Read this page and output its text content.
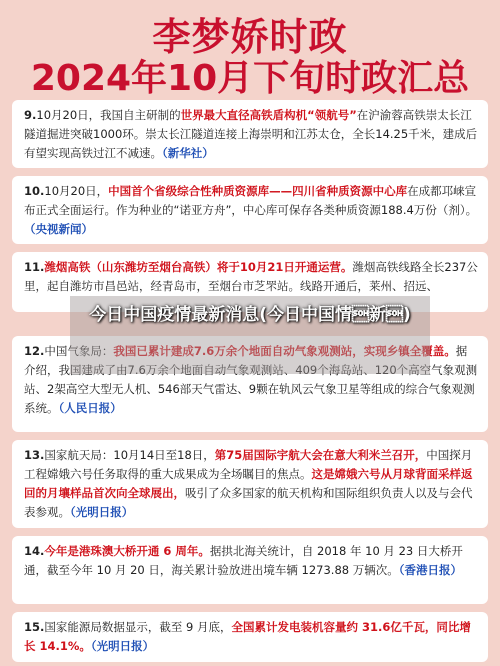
李梦娇时政
2024年10月下旬时政汇总
9.10月20日，我国自主研制的世界最大直径高铁盾构机“领航号”在沪渝蓉高铁崇太长江隧道掘进突破1000环。崇太长江隧道连接上海崇明和江苏太仓，全长14.25千米，建成后有望实现高铁过江不减速。（新华社）
10.10月20日，中国首个省级综合性种质资源库——四川省种质资源中心库在成都邛崃宣布正式全面运行。作为种业的“诺亚方舟”，中心库可保存各类种质资源188.4万份（剂）。（央视新闻）
11.潍烟高铁（山东潍坊至烟台高铁）将于10月21日开通运营。潍烟高铁线路全长237公里，起自潍坊市昌邑站，经青岛市，至烟台市芝罘站。线路开通后，莱州、招远、
12.中国气象局：我国已累计建成7.6万余个地面自动气象观测站，实现乡镇全覆盖。据介绍，我国建成了由7.6万余个地面自动气象观测站、409个海岛站、120个高空气象观测站、2架高空大型无人机、546部天气雷达、9颗在轨风云气象卫星等组成的综合气象观测系统。（人民日报）
13.国家航天局：10月14日至18日，第75届国际宇航大会在意大利米兰召开，中国探月工程嫦娥六号任务取得的重大成果成为全场瞩目的焦点。这是嫦娥六号从月球背面采样返回的月壤样品首次向全球展出，吸引了众多国家的航天机构和国际组织负责人以及与会代表参观。（光明日报）
14.今年是港珠澳大桥开通 6 周年。据拱北海关统计，自 2018 年 10 月 23 日大桥开通，截至今年 10 月 20 日，海关累计验放进出境车辆 1273.88 万辆次。（香港日报）
15.国家能源局数据显示，截至 9 月底，全国累计发电装机容量约 31.6亿千瓦，同比增长 14.1%。（光明日报）
今日中国疫情最新消息(今日中国情新)
